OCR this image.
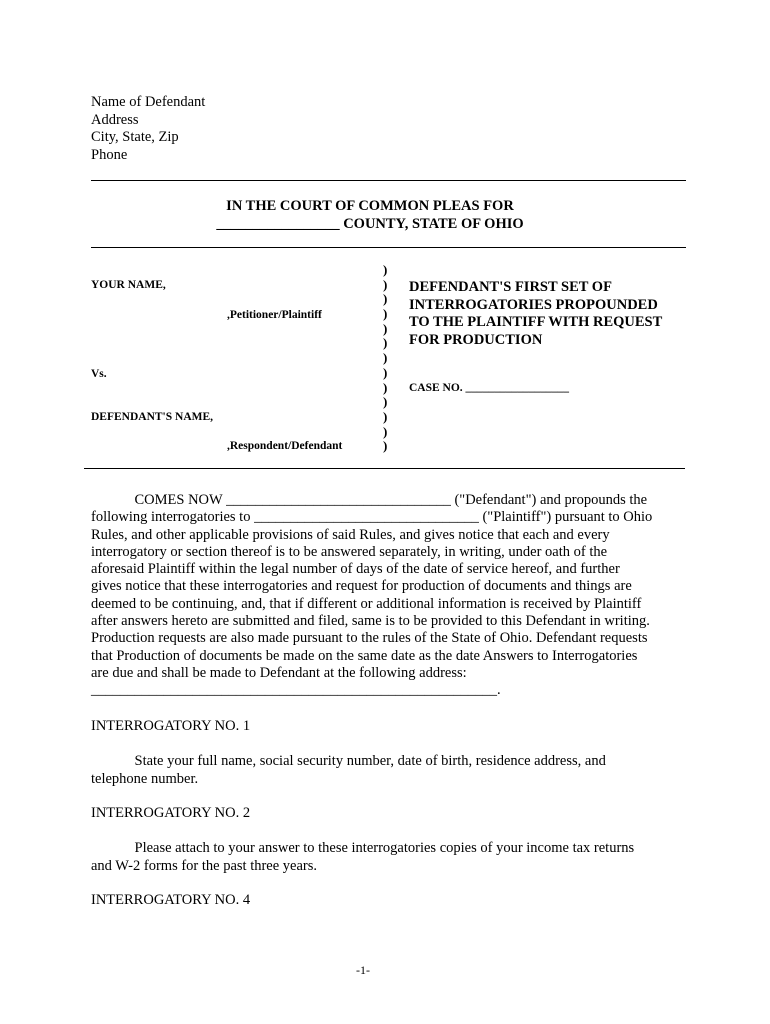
Name of Defendant
Address
City, State, Zip
Phone
IN THE COURT OF COMMON PLEAS FOR
_________________ COUNTY, STATE OF OHIO
YOUR NAME,
,Petitioner/Plaintiff
Vs.
DEFENDANT'S NAME,
,Respondent/Defendant
)
)
)
)
)
)
)
)
)
)
)
)
)
DEFENDANT'S FIRST SET OF
INTERROGATORIES PROPOUNDED
TO THE PLAINTIFF WITH REQUEST
FOR PRODUCTION
CASE NO. __________________
COMES NOW _______________________________ ("Defendant") and propounds the
following interrogatories to _______________________________ ("Plaintiff") pursuant to Ohio
Rules, and other applicable provisions of said Rules, and gives notice that each and every
interrogatory or section thereof is to be answered separately, in writing, under oath of the
aforesaid Plaintiff within the legal number of days of the date of service hereof, and further
gives notice that these interrogatories and request for production of documents and things are
deemed to be continuing, and, that if different or additional information is received by Plaintiff
after answers hereto are submitted and filed, same is to be provided to this Defendant in writing.
Production requests are also made pursuant to the rules of the State of Ohio. Defendant requests
that Production of documents be made on the same date as the date Answers to Interrogatories
are due and shall be made to Defendant at the following address:
________________________________________________________.
INTERROGATORY NO. 1
State your full name, social security number, date of birth, residence address, and
telephone number.
INTERROGATORY NO. 2
Please attach to your answer to these interrogatories copies of your income tax returns
and W-2 forms for the past three years.
INTERROGATORY NO. 4
-1-
